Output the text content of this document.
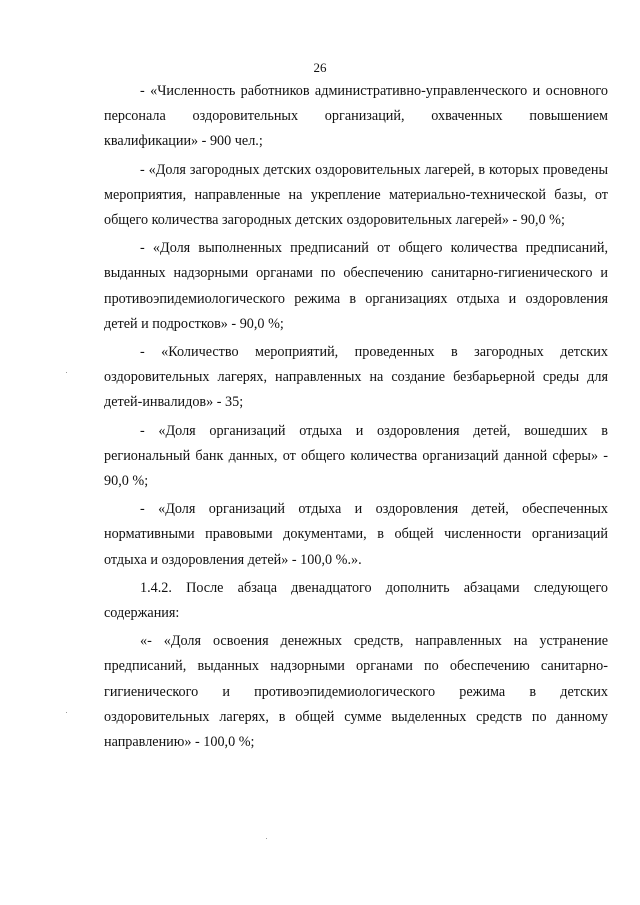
26

- «Численность работников административно-управленческого и основного персонала оздоровительных организаций, охваченных повышением квалификации» - 900 чел.;

- «Доля загородных детских оздоровительных лагерей, в которых проведены мероприятия, направленные на укрепление материально-технической базы, от общего количества загородных детских оздоровительных лагерей» - 90,0 %;

- «Доля выполненных предписаний от общего количества предписаний, выданных надзорными органами по обеспечению санитарно-гигиенического и противоэпидемиологического режима в организациях отдыха и оздоровления детей и подростков» - 90,0 %;

- «Количество мероприятий, проведенных в загородных детских оздоровительных лагерях, направленных на создание безбарьерной среды для детей-инвалидов» - 35;

- «Доля организаций отдыха и оздоровления детей, вошедших в региональный банк данных, от общего количества организаций данной сферы» - 90,0 %;

- «Доля организаций отдыха и оздоровления детей, обеспеченных нормативными правовыми документами, в общей численности организаций отдыха и оздоровления детей» - 100,0 %.».

1.4.2. После абзаца двенадцатого дополнить абзацами следующего содержания:

«- «Доля освоения денежных средств, направленных на устранение предписаний, выданных надзорными органами по обеспечению санитарно-гигиенического и противоэпидемиологического режима в детских оздоровительных лагерях, в общей сумме выделенных средств по данному направлению» - 100,0 %;
